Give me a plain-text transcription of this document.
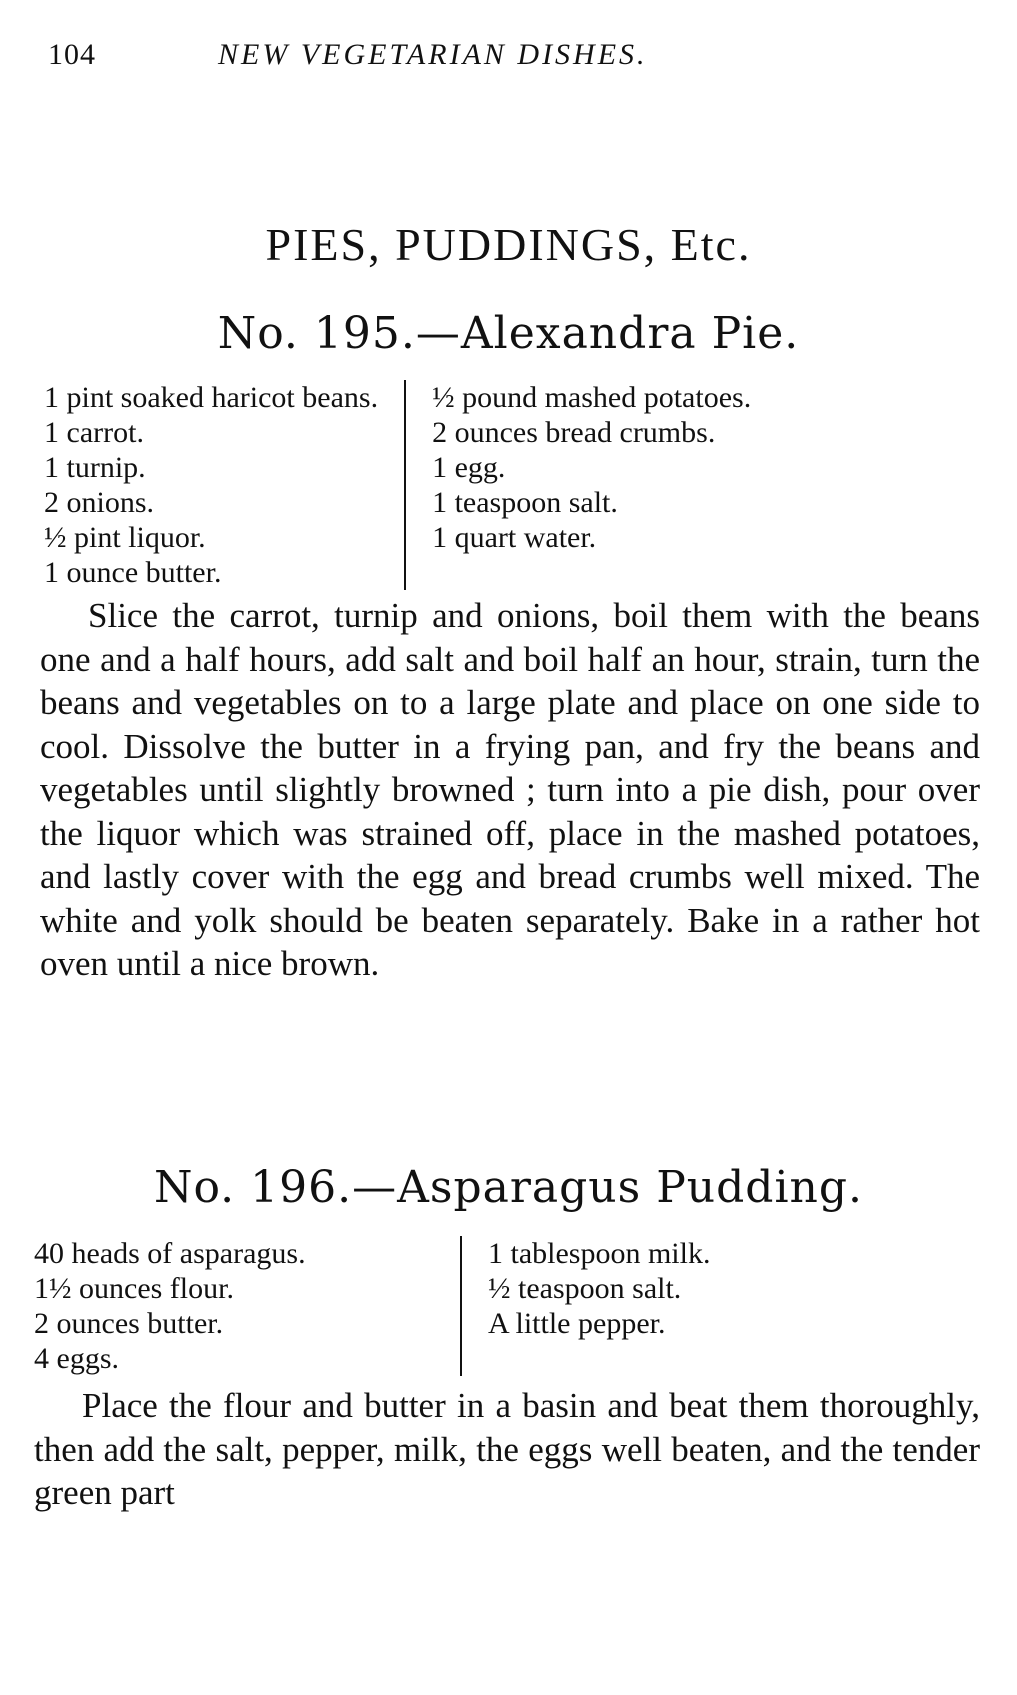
104	NEW VEGETARIAN DISHES.
PIES, PUDDINGS, Etc.
No. 195.—Alexandra Pie.
1 pint soaked haricot beans.
1 carrot.
1 turnip.
2 onions.
½ pint liquor.
1 ounce butter.
½ pound mashed potatoes.
2 ounces bread crumbs.
1 egg.
1 teaspoon salt.
1 quart water.

Slice the carrot, turnip and onions, boil them with the beans one and a half hours, add salt and boil half an hour, strain, turn the beans and vegetables on to a large plate and place on one side to cool. Dissolve the butter in a frying pan, and fry the beans and vegetables until slightly browned ; turn into a pie dish, pour over the liquor which was strained off, place in the mashed potatoes, and lastly cover with the egg and bread crumbs well mixed. The white and yolk should be beaten separately. Bake in a rather hot oven until a nice brown.

No. 196.—Asparagus Pudding.
40 heads of asparagus.
1½ ounces flour.
2 ounces butter.
4 eggs.
1 tablespoon milk.
½ teaspoon salt.
A little pepper.

Place the flour and butter in a basin and beat them thoroughly, then add the salt, pepper, milk, the eggs well beaten, and the tender green part
